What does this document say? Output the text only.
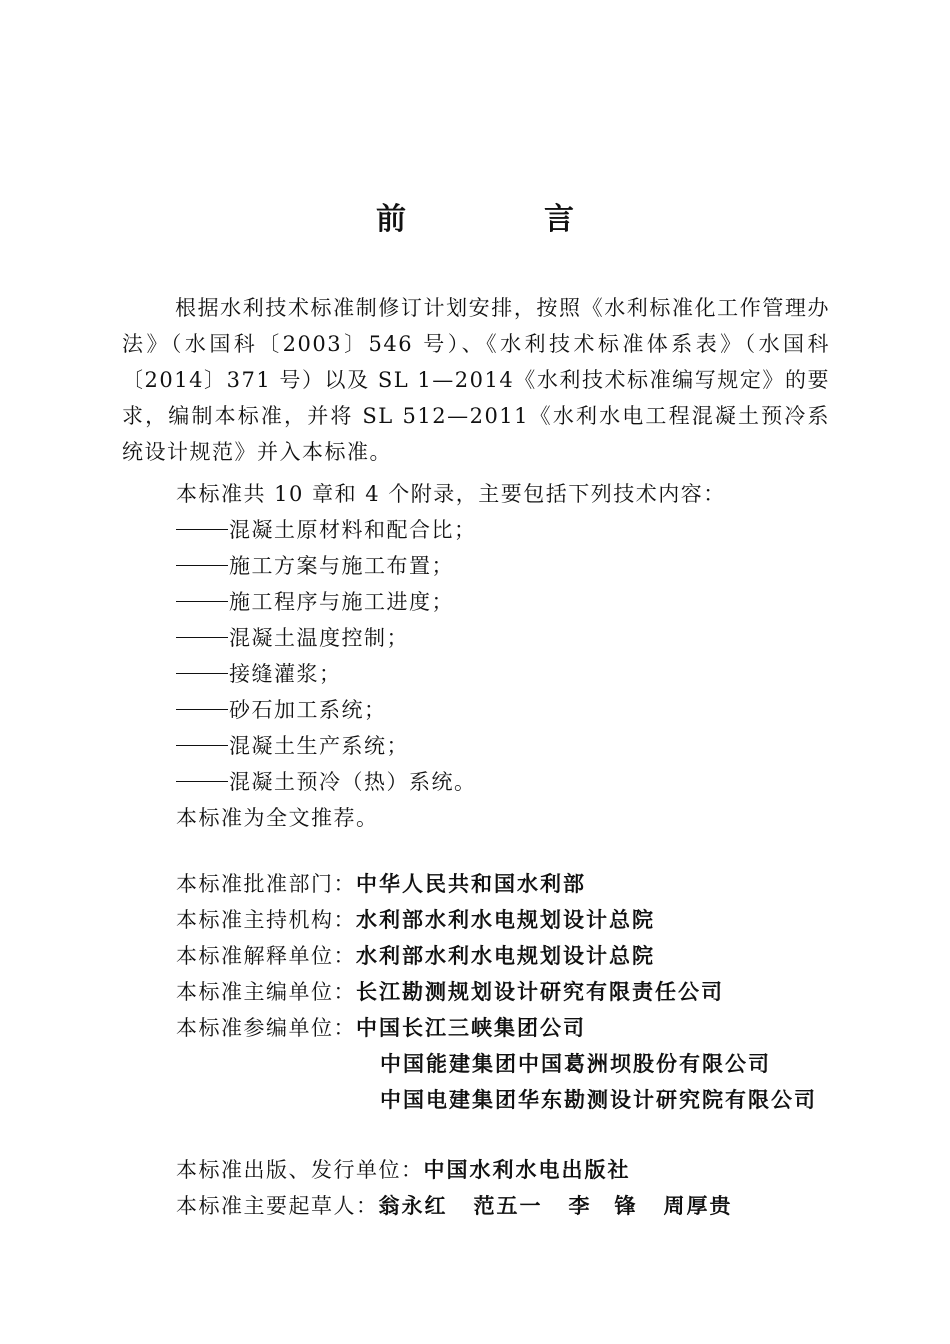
前　言

根据水利技术标准制修订计划安排，按照《水利标准化工作管理办法》（水国科〔2003〕546 号）、《水利技术标准体系表》（水国科〔2014〕371 号）以及 SL 1—2014《水利技术标准编写规定》的要求，编制本标准，并将 SL 512—2011《水利水电工程混凝土预冷系统设计规范》并入本标准。

本标准共 10 章和 4 个附录，主要包括下列技术内容：
混凝土原材料和配合比；
施工方案与施工布置；
施工程序与施工进度；
混凝土温度控制；
接缝灌浆；
砂石加工系统；
混凝土生产系统；
混凝土预冷（热）系统。
本标准为全文推荐。
本标准批准部门：中华人民共和国水利部
本标准主持机构：水利部水利水电规划设计总院
本标准解释单位：水利部水利水电规划设计总院
本标准主编单位：长江勘测规划设计研究有限责任公司
本标准参编单位：中国长江三峡集团公司
中国能建集团中国葛洲坝股份有限公司
中国电建集团华东勘测设计研究院有限公司
本标准出版、发行单位：中国水利水电出版社
本标准主要起草人：翁永红 范五一 李　锋 周厚贵
